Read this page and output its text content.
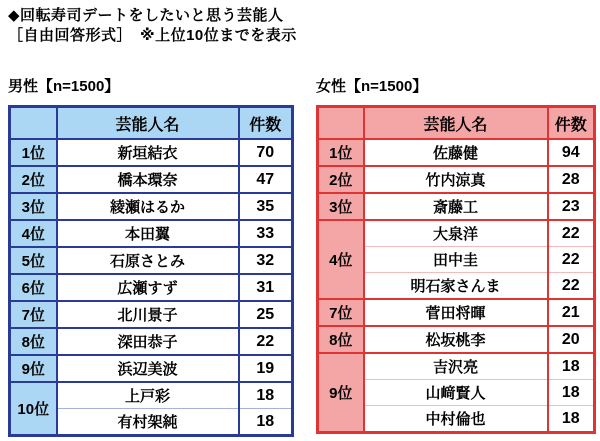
◆回転寿司デートをしたいと思う芸能人
［自由回答形式］　※上位10位までを表示
男性【n=1500】
	芸能人名	件数
1位	新垣結衣	70
2位	橋本環奈	47
3位	綾瀬はるか	35
4位	本田翼	33
5位	石原さとみ	32
6位	広瀬すず	31
7位	北川景子	25
8位	深田恭子	22
9位	浜辺美波	19
10位	上戸彩	18
	有村架純	18
女性【n=1500】
	芸能人名	件数
1位	佐藤健	94
2位	竹内涼真	28
3位	斎藤工	23
4位	大泉洋	22
	田中圭	22
	明石家さんま	22
7位	菅田将暉	21
8位	松坂桃李	20
9位	吉沢亮	18
	山﨑賢人	18
	中村倫也	18
